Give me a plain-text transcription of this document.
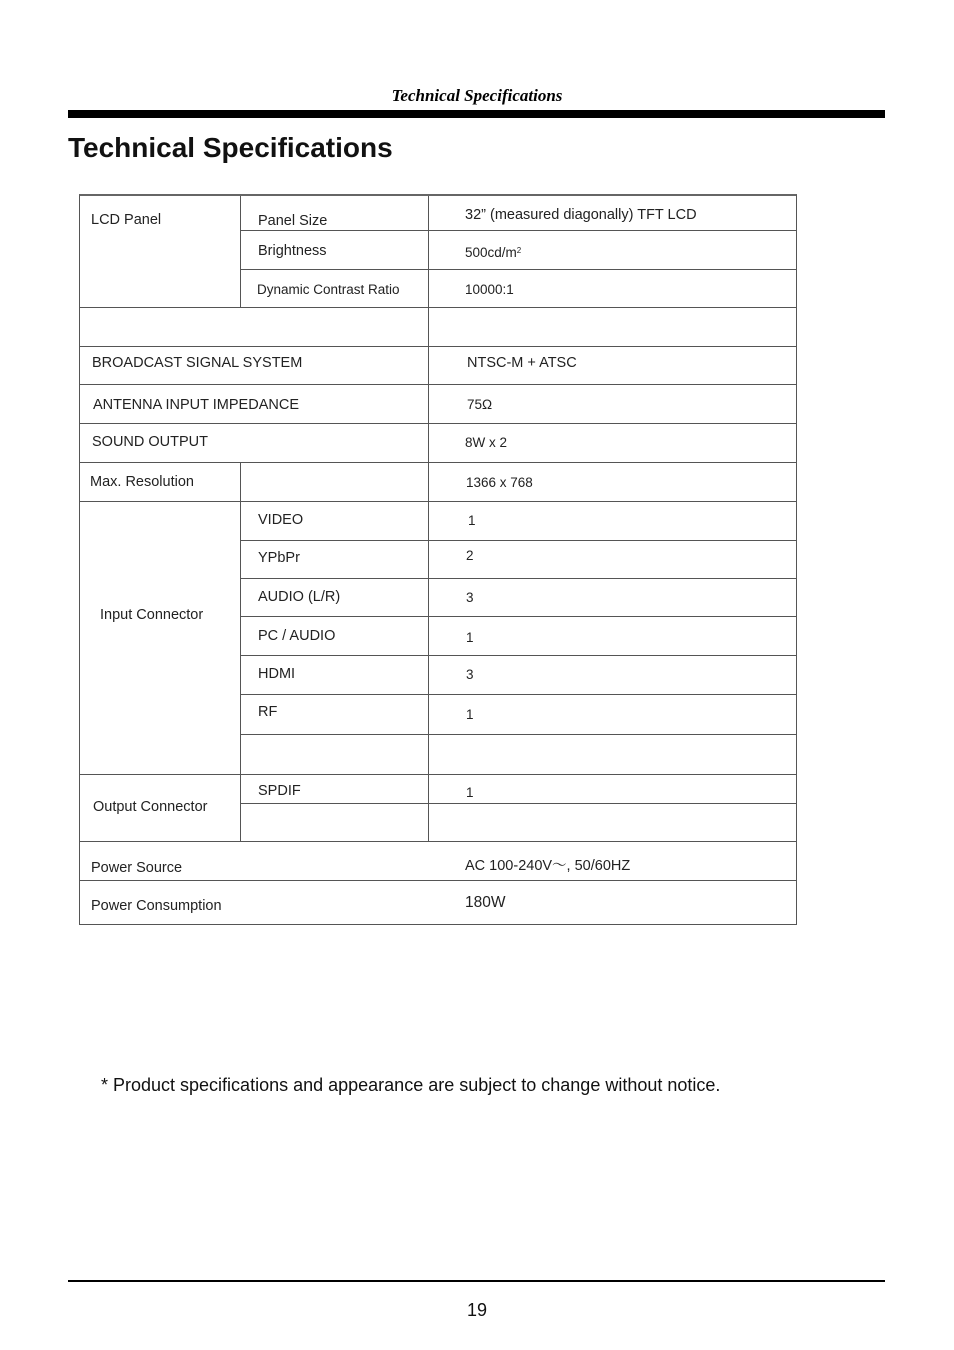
Technical Specifications
Technical Specifications
LCD Panel	Panel Size	32” (measured diagonally) TFT LCD
Brightness	$500cd/m^2$
Dynamic Contrast Ratio	10000:1
BROADCAST SIGNAL SYSTEM	NTSC-M + ATSC
ANTENNA INPUT IMPEDANCE	75Ω
SOUND OUTPUT	8W x 2
Max. Resolution	1366 x 768
Input Connector
VIDEO	1
YPbPr	2
AUDIO (L/R)	3
PC / AUDIO	1
HDMI	3
RF	1
Output Connector
SPDIF	1
Power Source	AC 100-240V～, 50/60HZ
Power Consumption	180W
* Product specifications and appearance are subject to change without notice.
19
